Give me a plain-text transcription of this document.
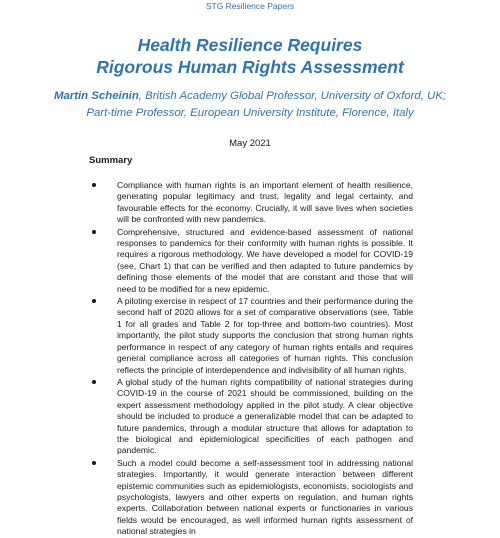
STG Resilience Papers
Health Resilience Requires
Rigorous Human Rights Assessment
Martin Scheinin, British Academy Global Professor, University of Oxford, UK;
Part-time Professor, European University Institute, Florence, Italy
May 2021
Summary
Compliance with human rights is an important element of health resilience, generating popular legitimacy and trust, legality and legal certainty, and favourable effects for the economy. Crucially, it will save lives when societies will be confronted with new pandemics.
Comprehensive, structured and evidence-based assessment of national responses to pandemics for their conformity with human rights is possible. It requires a rigorous methodology. We have developed a model for COVID-19 (see, Chart 1) that can be verified and then adapted to future pandemics by defining those elements of the model that are constant and those that will need to be modified for a new epidemic.
A piloting exercise in respect of 17 countries and their performance during the second half of 2020 allows for a set of comparative observations (see, Table 1 for all grades and Table 2 for top-three and bottom-two countries). Most importantly, the pilot study supports the conclusion that strong human rights performance in respect of any category of human rights entails and requires general compliance across all categories of human rights. This conclusion reflects the principle of interdependence and indivisibility of all human rights.
A global study of the human rights compatibility of national strategies during COVID-19 in the course of 2021 should be commissioned, building on the expert assessment methodology applied in the pilot study. A clear objective should be included to produce a generalizable model that can be adapted to future pandemics, through a modular structure that allows for adaptation to the biological and epidemiological specificities of each pathogen and pandemic.
Such a model could become a self-assessment tool in addressing national strategies. Importantly, it would generate interaction between different epistemic communities such as epidemiologists, economists, sociologists and psychologists, lawyers and other experts on regulation, and human rights experts. Collaboration between national experts or functionaries in various fields would be encouraged, as well informed human rights assessment of national strategies in
